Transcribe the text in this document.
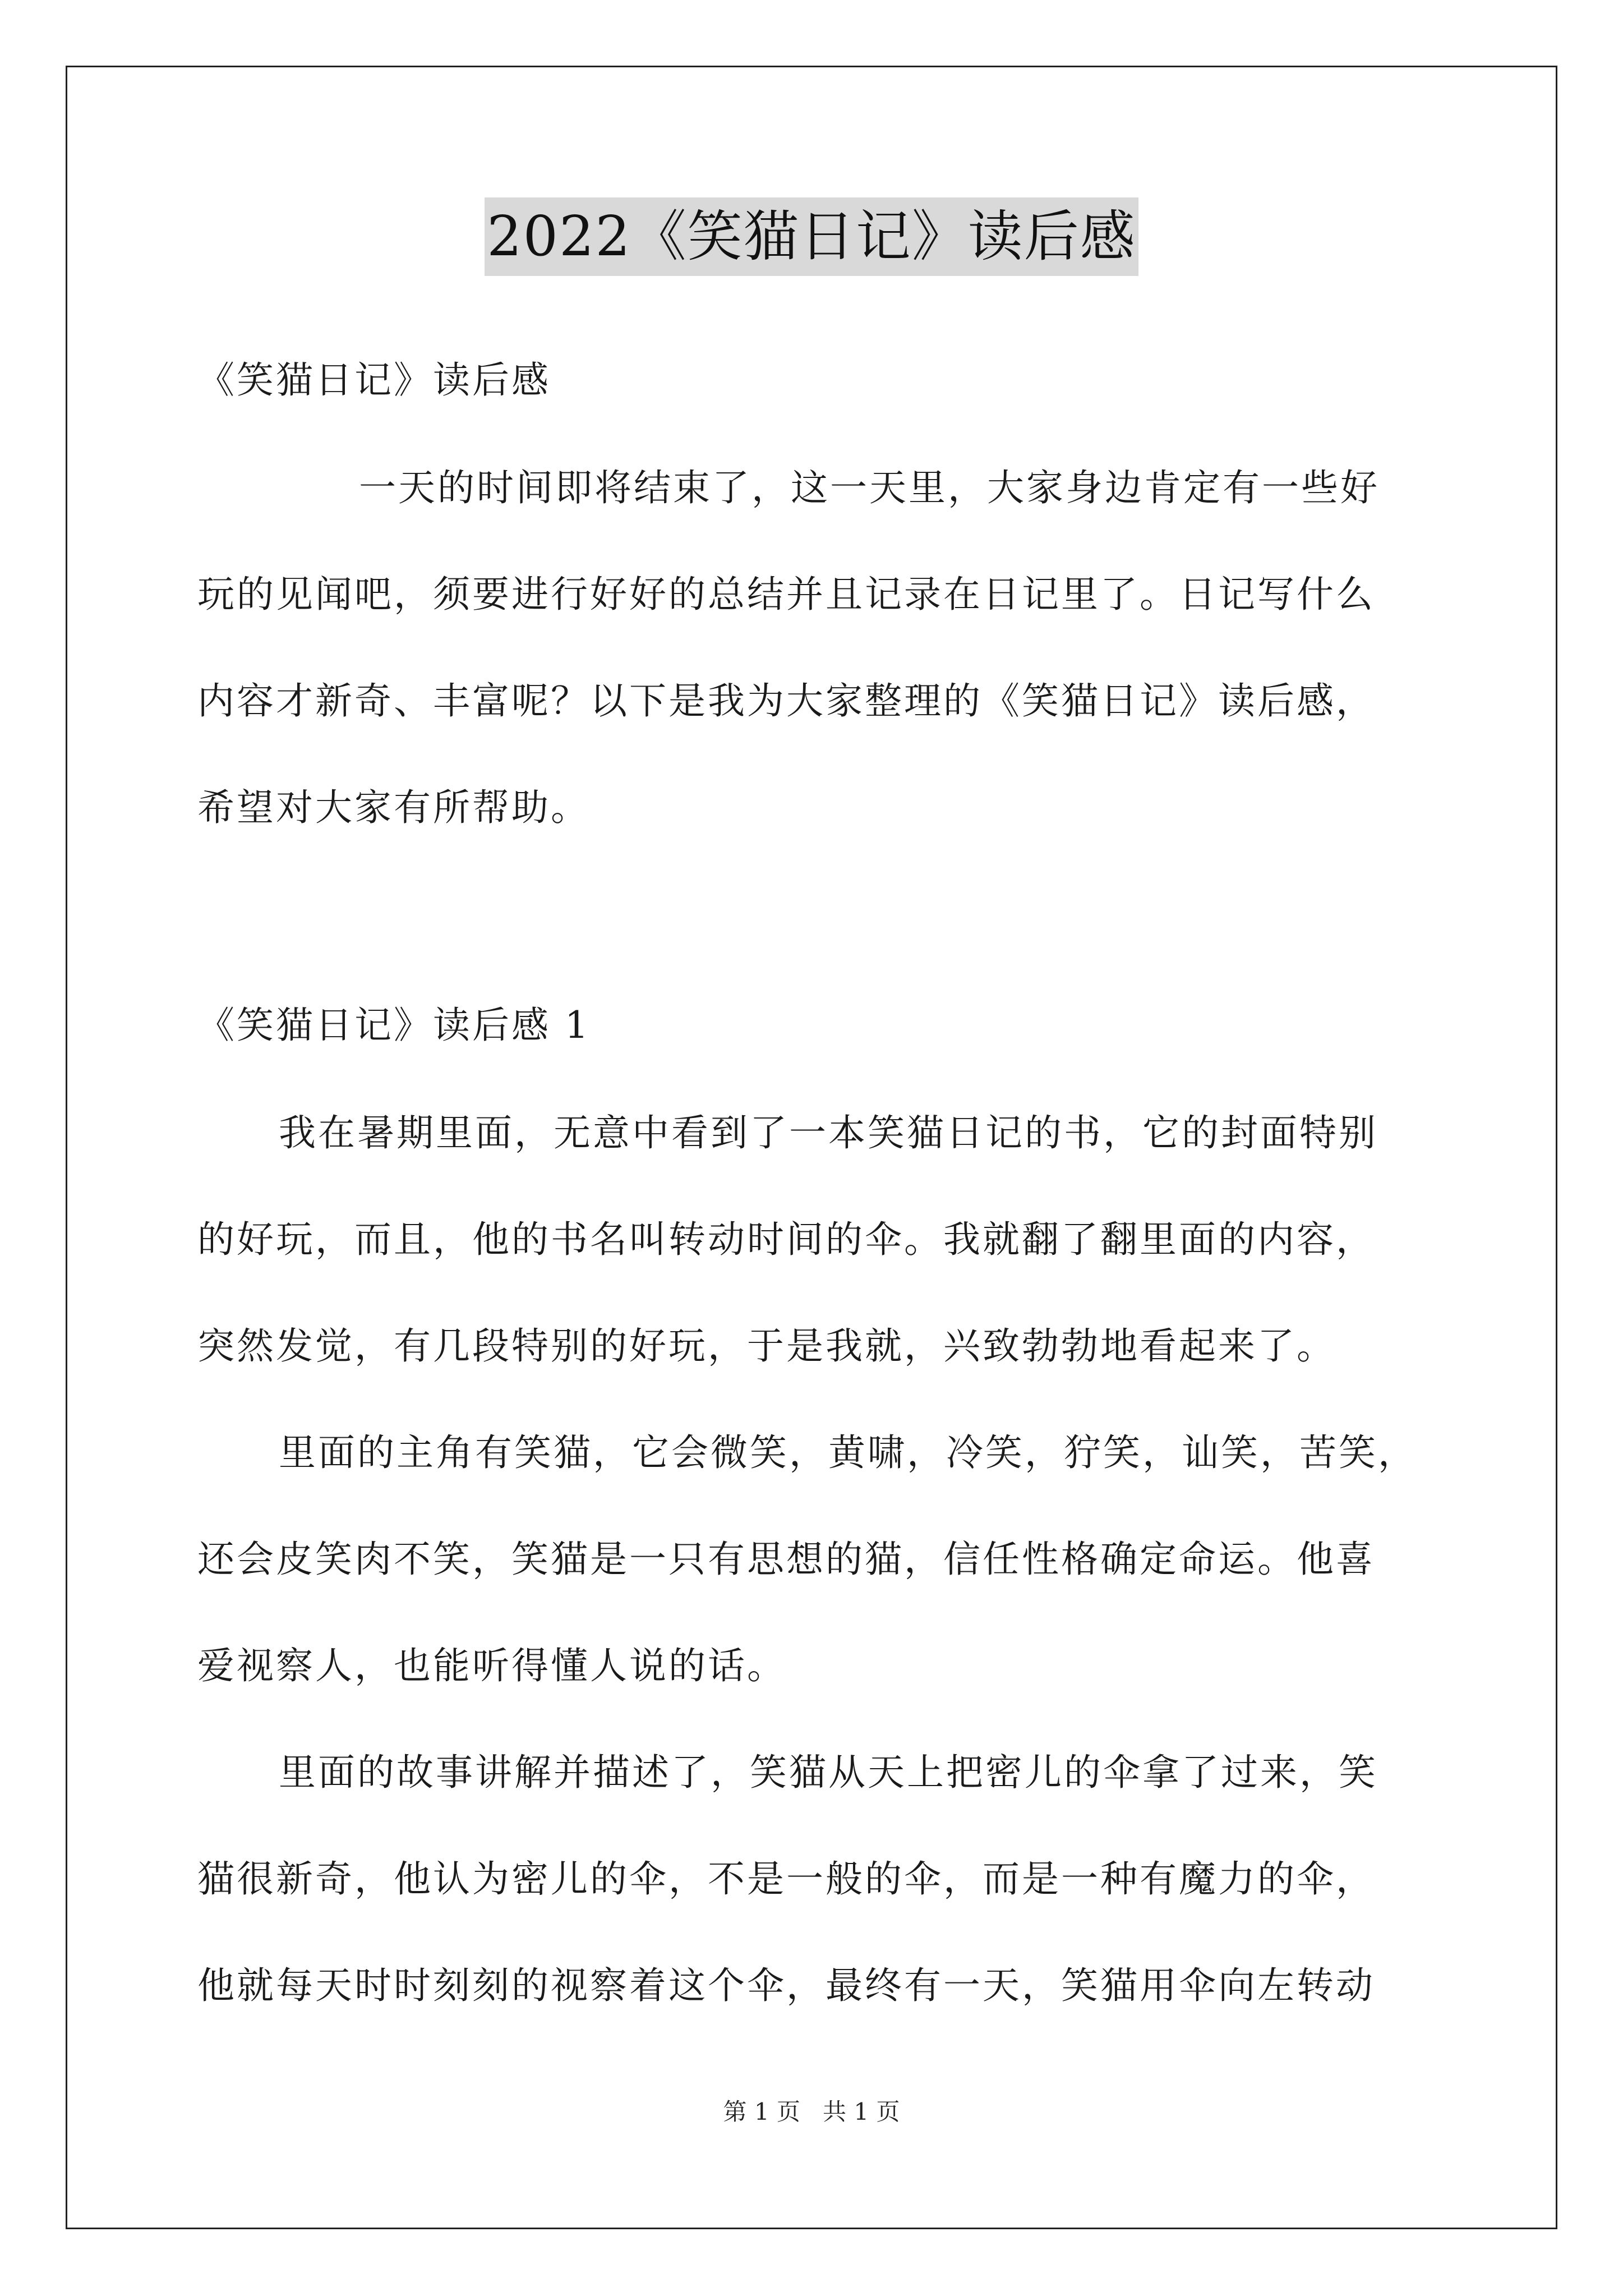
2022《笑猫日记》读后感
《笑猫日记》读后感
一天的时间即将结束了，这一天里，大家身边肯定有一些好
玩的见闻吧，须要进行好好的总结并且记录在日记里了。日记写什么
内容才新奇、丰富呢？以下是我为大家整理的《笑猫日记》读后感，
希望对大家有所帮助。
《笑猫日记》读后感 1
我在暑期里面，无意中看到了一本笑猫日记的书，它的封面特别
的好玩，而且，他的书名叫转动时间的伞。我就翻了翻里面的内容，
突然发觉，有几段特别的好玩，于是我就，兴致勃勃地看起来了。
里面的主角有笑猫，它会微笑，黄啸，冷笑，狞笑，讪笑，苦笑，
还会皮笑肉不笑，笑猫是一只有思想的猫，信任性格确定命运。他喜
爱视察人，也能听得懂人说的话。
里面的故事讲解并描述了，笑猫从天上把密儿的伞拿了过来，笑
猫很新奇，他认为密儿的伞，不是一般的伞，而是一种有魔力的伞，
他就每天时时刻刻的视察着这个伞，最终有一天，笑猫用伞向左转动
第 1 页   共 1 页
